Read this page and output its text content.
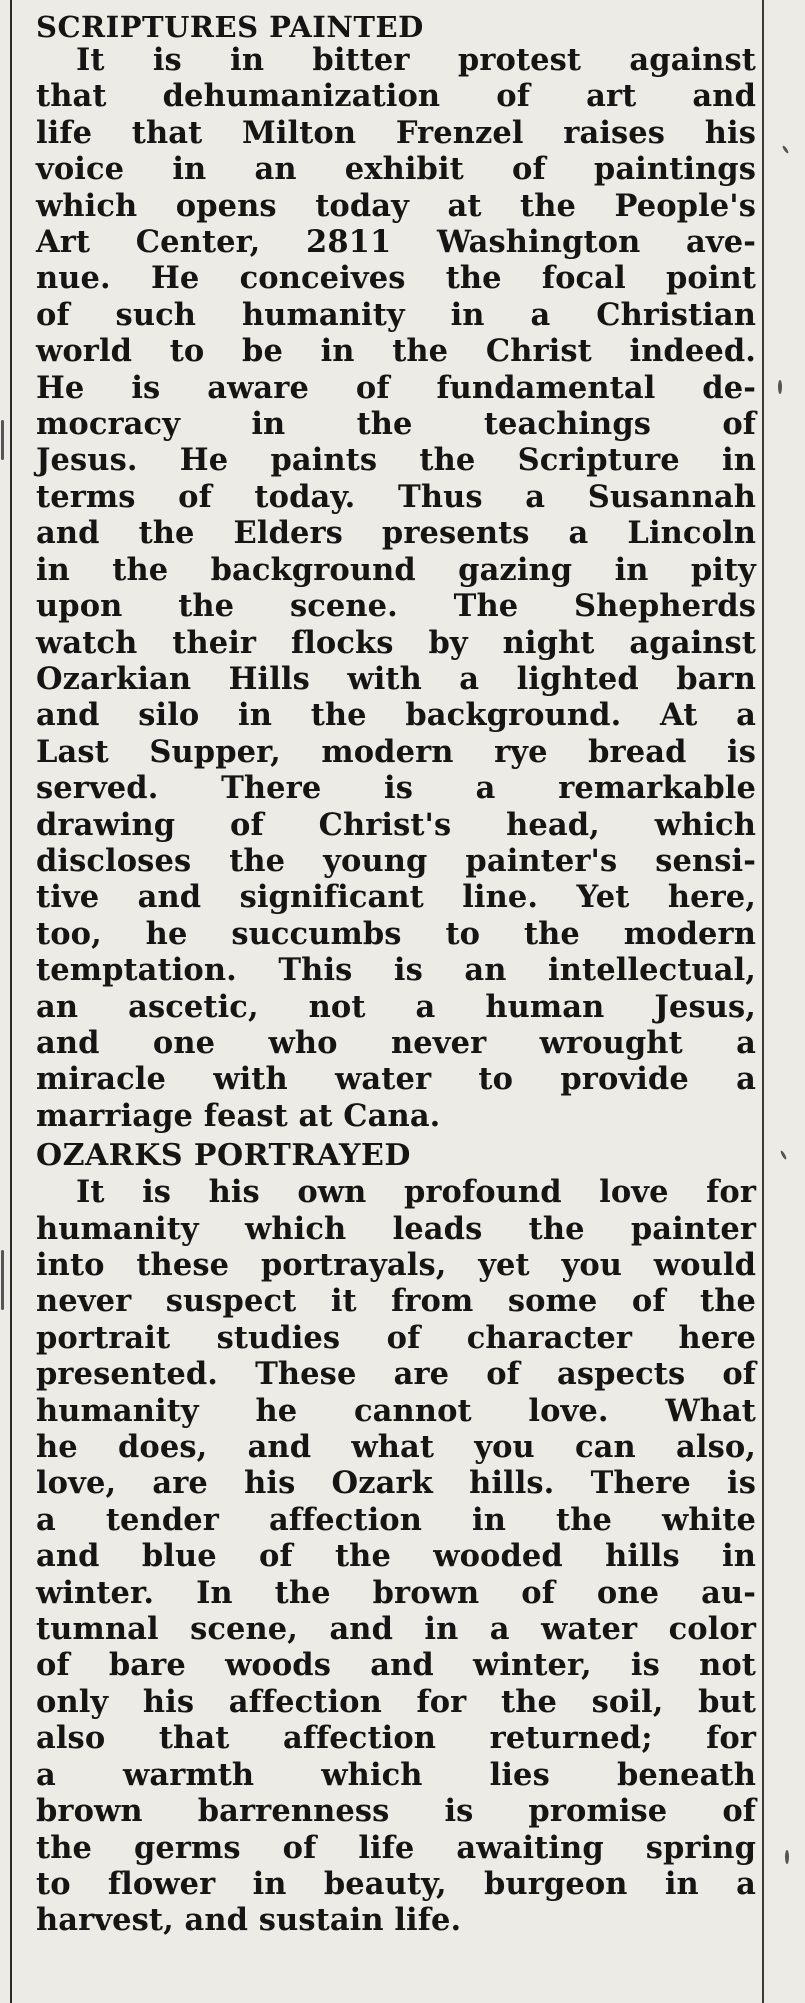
SCRIPTURES PAINTED
It is in bitter protest against
that dehumanization of art and
life that Milton Frenzel raises his
voice in an exhibit of paintings
which opens today at the People's
Art Center, 2811 Washington ave-
nue. He conceives the focal point
of such humanity in a Christian
world to be in the Christ indeed.
He is aware of fundamental de-
mocracy in the teachings of
Jesus. He paints the Scripture in
terms of today. Thus a Susannah
and the Elders presents a Lincoln
in the background gazing in pity
upon the scene. The Shepherds
watch their flocks by night against
Ozarkian Hills with a lighted barn
and silo in the background. At a
Last Supper, modern rye bread is
served. There is a remarkable
drawing of Christ's head, which
discloses the young painter's sensi-
tive and significant line. Yet here,
too, he succumbs to the modern
temptation. This is an intellectual,
an ascetic, not a human Jesus,
and one who never wrought a
miracle with water to provide a
marriage feast at Cana.
OZARKS PORTRAYED
It is his own profound love for
humanity which leads the painter
into these portrayals, yet you would
never suspect it from some of the
portrait studies of character here
presented. These are of aspects of
humanity he cannot love. What
he does, and what you can also,
love, are his Ozark hills. There is
a tender affection in the white
and blue of the wooded hills in
winter. In the brown of one au-
tumnal scene, and in a water color
of bare woods and winter, is not
only his affection for the soil, but
also that affection returned; for
a warmth which lies beneath
brown barrenness is promise of
the germs of life awaiting spring
to flower in beauty, burgeon in a
harvest, and sustain life.
